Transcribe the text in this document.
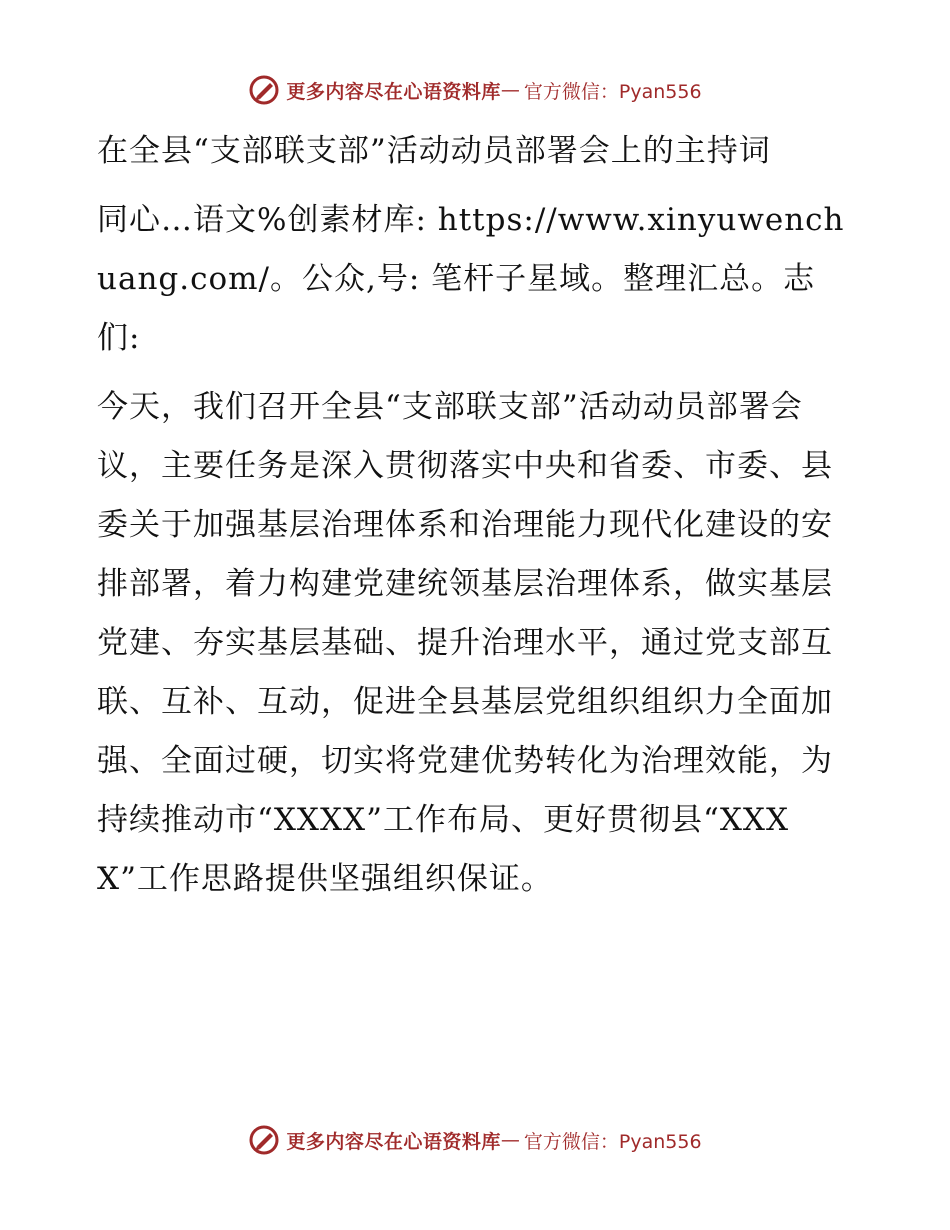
更多内容尽在心语资料库 — 官方微信：Pyan556

在全县“支部联支部”活动动员部署会上的主持词

同心…语文%创素材库: https://www.xinyuwenchuang.com/。公众,号: 笔杆子星域。整理汇总。志们:

今天，我们召开全县“支部联支部”活动动员部署会议，主要任务是深入贯彻落实中央和省委、市委、县委关于加强基层治理体系和治理能力现代化建设的安排部署，着力构建党建统领基层治理体系，做实基层党建、夯实基层基础、提升治理水平，通过党支部互联、互补、互动，促进全县基层党组织组织力全面加强、全面过硬，切实将党建优势转化为治理效能，为持续推动市“XXXX”工作布局、更好贯彻县“XXXX”工作思路提供坚强组织保证。

更多内容尽在心语资料库 — 官方微信：Pyan556
